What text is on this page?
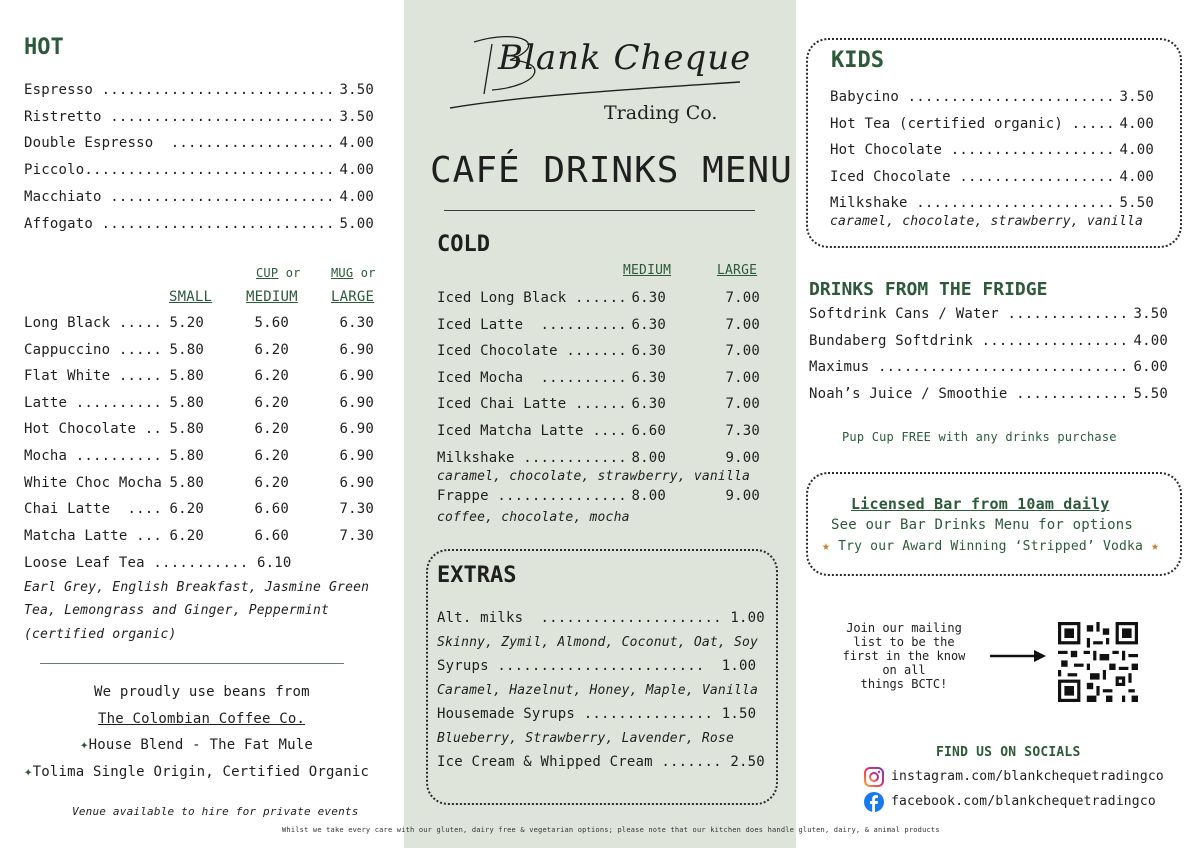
HOT
Espresso ........................... 3.50
Ristretto .......................... 3.50
Double Espresso  ................... 4.00
Piccolo............................. 4.00
Macchiato .......................... 4.00
Affogato ........................... 5.00
CUP or	MUG or
SMALL MEDIUM LARGE
Long Black ..... 5.20	5.60	6.30
Cappuccino ..... 5.80	6.20	6.90
Flat White ..... 5.80	6.20	6.90
Latte .......... 5.80	6.20	6.90
Hot Chocolate .. 5.80	6.20	6.90
Mocha .......... 5.80	6.20	6.90
White Choc Mocha 5.80	6.20	6.90
Chai Latte  .... 6.20	6.60	7.30
Matcha Latte ... 6.20	6.60	7.30
Loose Leaf Tea ........... 6.10
Earl Grey, English Breakfast, Jasmine Green
Tea, Lemongrass and Ginger, Peppermint
(certified organic)
We proudly use beans from
The Colombian Coffee Co.
✦House Blend - The Fat Mule
✦Tolima Single Origin, Certified Organic
Venue available to hire for private events
Blank Cheque
Trading Co.
CAFÉ DRINKS MENU
COLD
MEDIUM	LARGE
Iced Long Black ...... 6.30	7.00
Iced Latte  .......... 6.30	7.00
Iced Chocolate ....... 6.30	7.00
Iced Mocha  .......... 6.30	7.00
Iced Chai Latte ...... 6.30	7.00
Iced Matcha Latte .... 6.60	7.30
Milkshake ............ 8.00	9.00
caramel, chocolate, strawberry, vanilla
Frappe ............... 8.00	9.00
coffee, chocolate, mocha
EXTRAS
Alt. milks  ..................... 1.00
Skinny, Zymil, Almond, Coconut, Oat, Soy
Syrups ........................  1.00
Caramel, Hazelnut, Honey, Maple, Vanilla
Housemade Syrups ............... 1.50
Blueberry, Strawberry, Lavender, Rose
Ice Cream & Whipped Cream ....... 2.50
KIDS
Babycino ........................ 3.50
Hot Tea (certified organic) ..... 4.00
Hot Chocolate ................... 4.00
Iced Chocolate .................. 4.00
Milkshake ....................... 5.50
caramel, chocolate, strawberry, vanilla
DRINKS FROM THE FRIDGE
Softdrink Cans / Water .............. 3.50
Bundaberg Softdrink ................. 4.00
Maximus ............................. 6.00
Noah’s Juice / Smoothie ............. 5.50
Pup Cup FREE with any drinks purchase
Licensed Bar from 10am daily
See our Bar Drinks Menu for options
★ Try our Award Winning ‘Stripped’ Vodka ★
Join our mailing
list to be the
first in the know
on all
things BCTC!
FIND US ON SOCIALS
instagram.com/blankchequetradingco
facebook.com/blankchequetradingco
Whilst we take every care with our gluten, dairy free & vegetarian options; please note that our kitchen does handle gluten, dairy, & animal products
